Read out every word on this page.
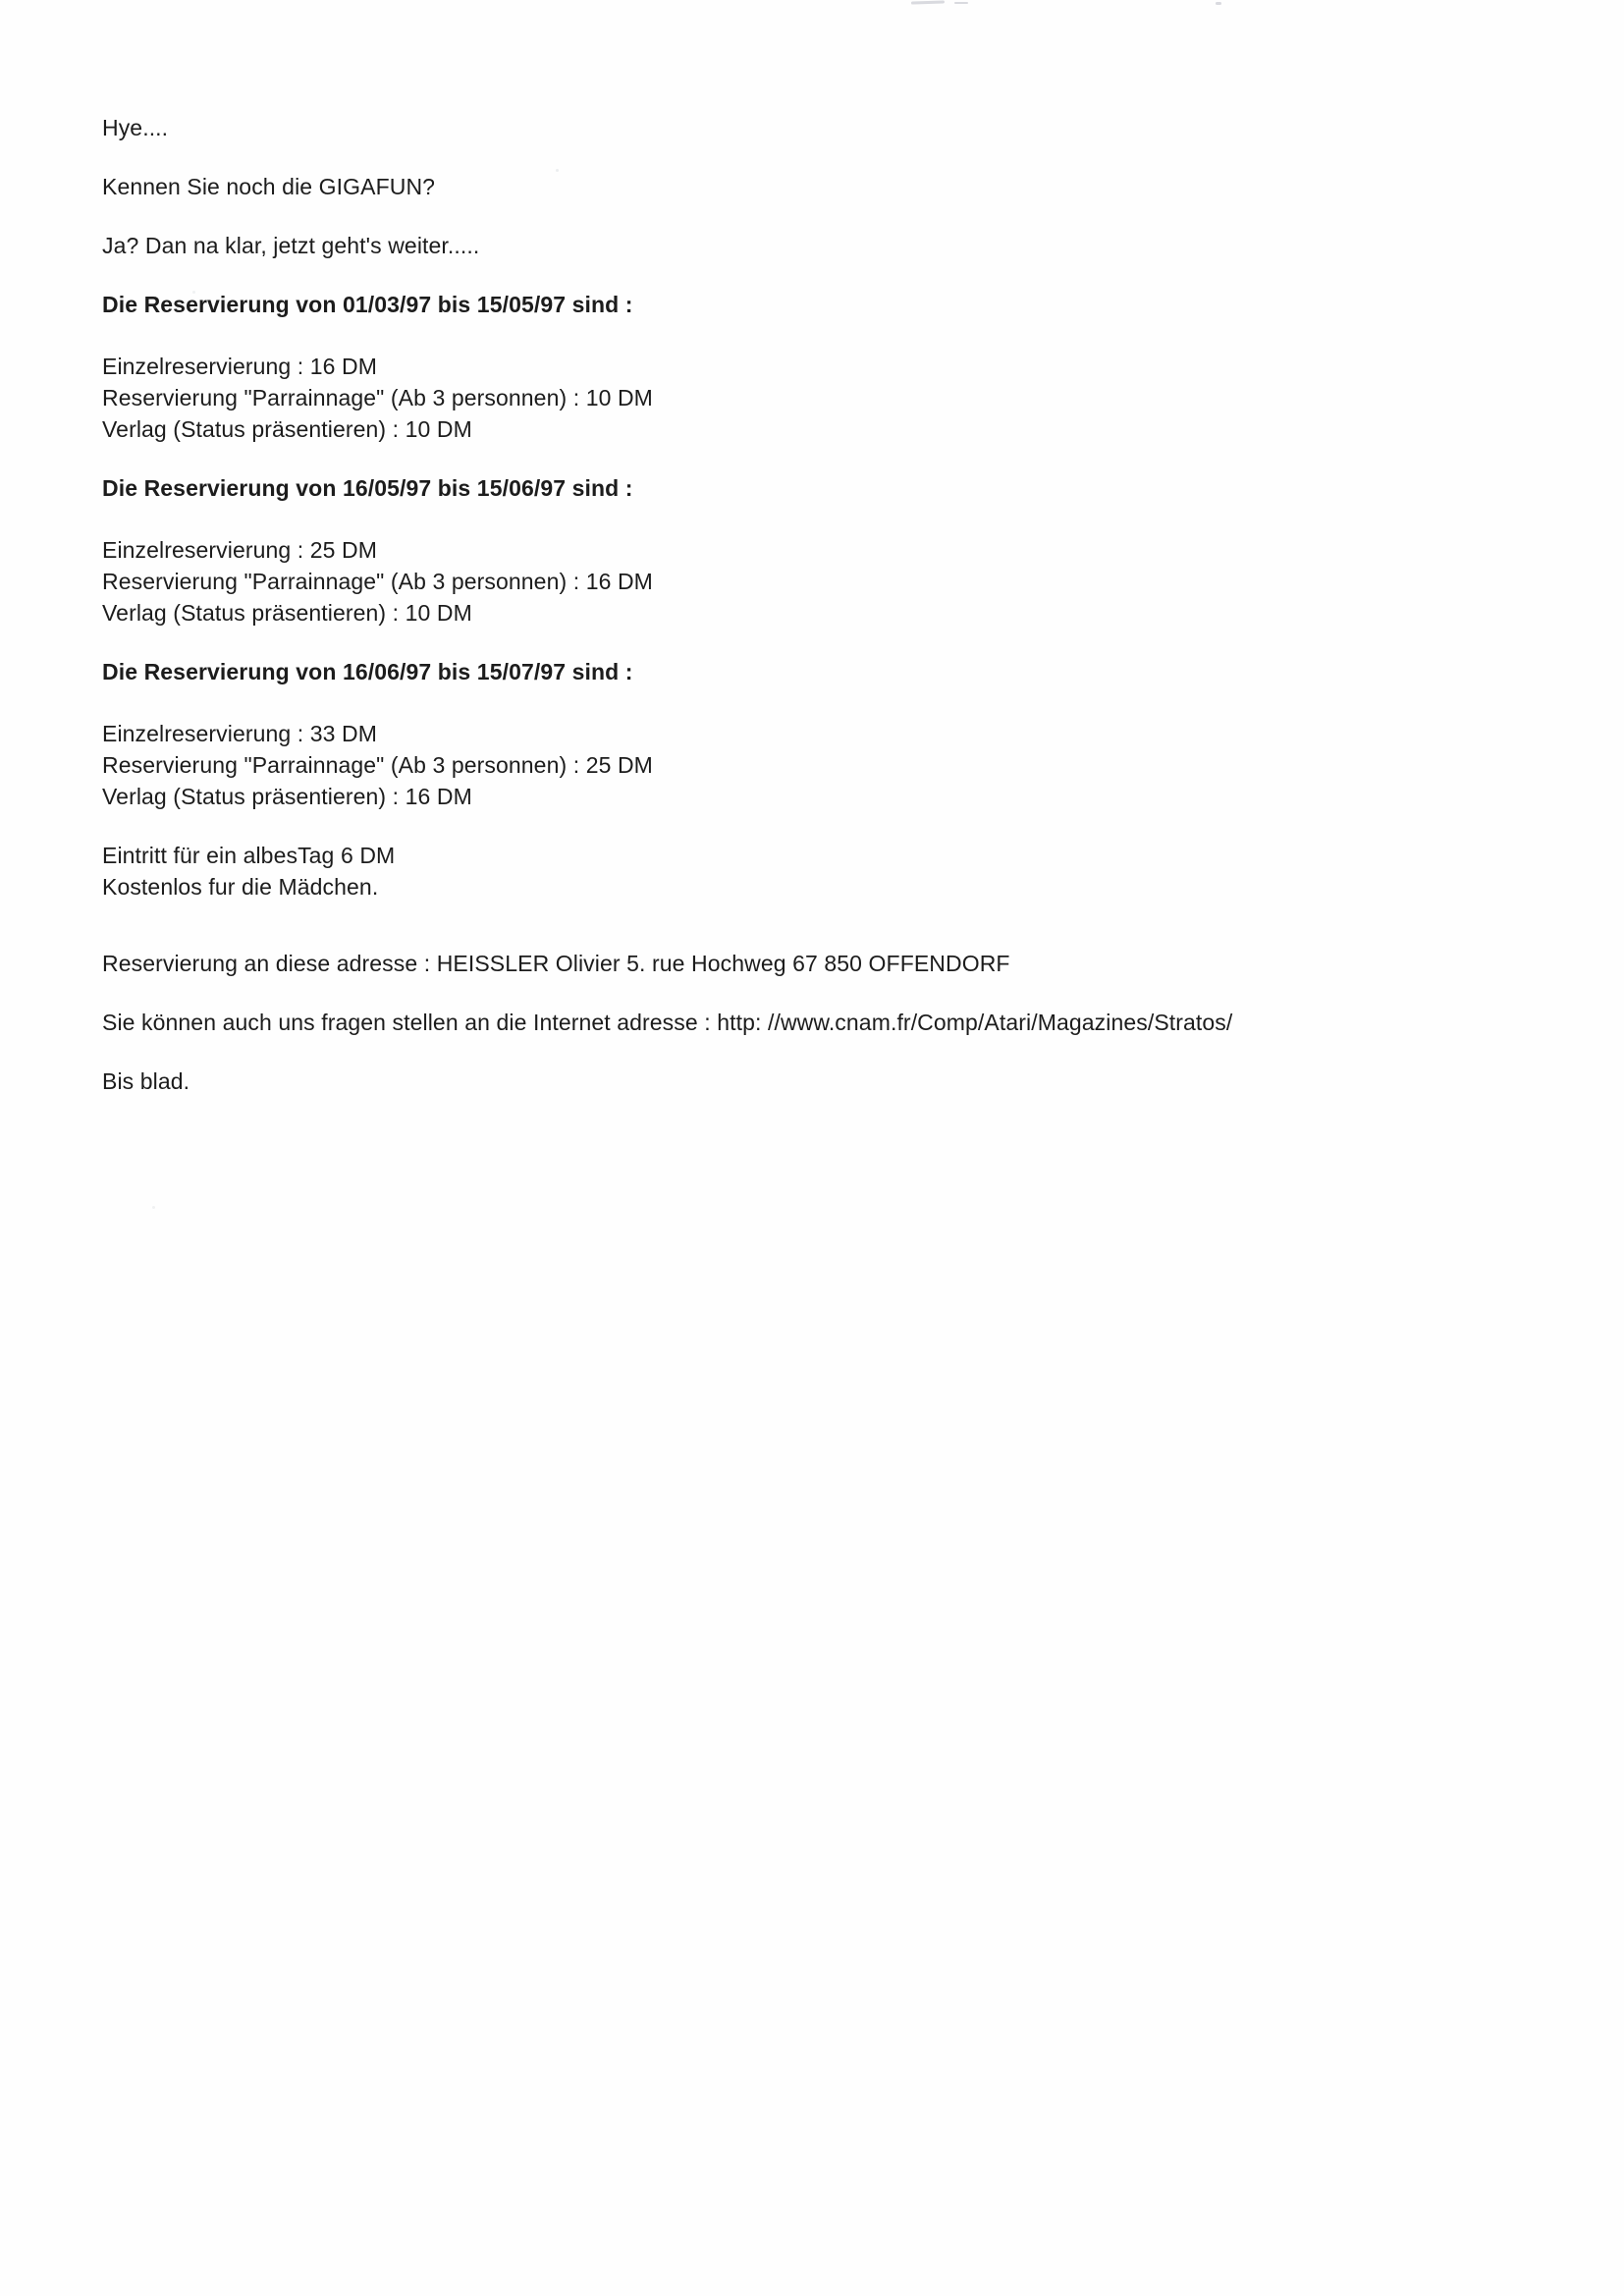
Hye....

Kennen Sie noch die GIGAFUN?

Ja? Dan na klar, jetzt geht's weiter.....

Die Reservierung von 01/03/97 bis 15/05/97 sind :

Einzelreservierung : 16 DM

Reservierung "Parrainnage" (Ab 3 personnen) : 10 DM

Verlag (Status präsentieren) : 10 DM

Die Reservierung von 16/05/97 bis 15/06/97 sind :

Einzelreservierung : 25 DM

Reservierung "Parrainnage" (Ab 3 personnen) : 16 DM

Verlag (Status präsentieren) : 10 DM

Die Reservierung von 16/06/97 bis 15/07/97 sind :

Einzelreservierung : 33 DM

Reservierung "Parrainnage" (Ab 3 personnen) : 25 DM

Verlag (Status präsentieren) : 16 DM

Eintritt für ein albesTag 6 DM

Kostenlos fur die Mädchen.

Reservierung an diese adresse : HEISSLER Olivier 5. rue Hochweg 67 850 OFFENDORF

Sie können auch uns fragen stellen an die Internet adresse : http: //www.cnam.fr/Comp/Atari/Magazines/Stratos/

Bis blad.
